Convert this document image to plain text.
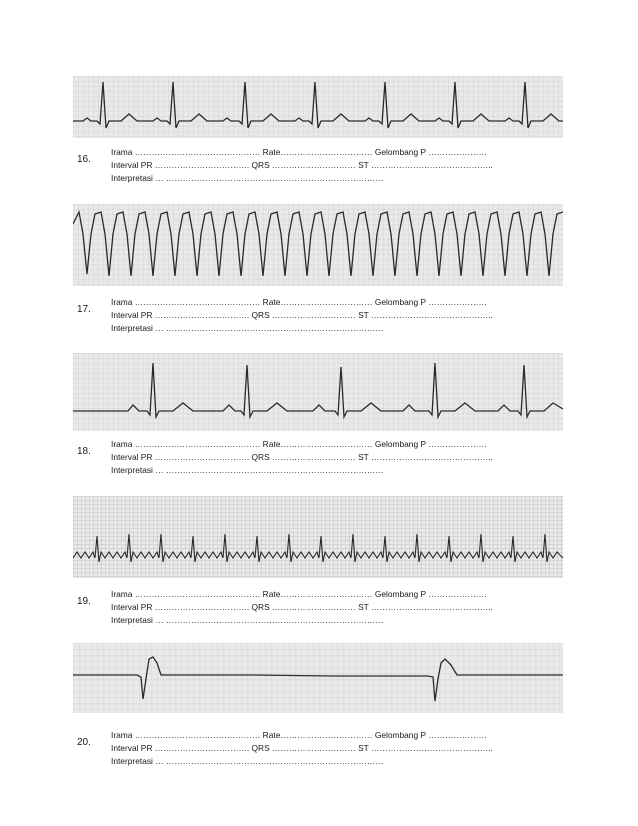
16.
Irama ……………………………………… Rate…………………………… Gelombang P …………………
Interval PR ……………………………. QRS ………………………… ST ……………………………………..
Interpretasi … ……………………………………………………………………
17.
Irama ……………………………………… Rate…………………………… Gelombang P …………………
Interval PR ……………………………. QRS ………………………… ST ……………………………………..
Interpretasi … ……………………………………………………………………
18.
Irama ……………………………………… Rate…………………………… Gelombang P …………………
Interval PR ……………………………. QRS ………………………… ST ……………………………………..
Interpretasi … ……………………………………………………………………
19.
Irama ……………………………………… Rate…………………………… Gelombang P …………………
Interval PR ……………………………. QRS ………………………… ST ……………………………………..
Interpretasi … ……………………………………………………………………
20.
Irama ……………………………………… Rate…………………………… Gelombang P …………………
Interval PR ……………………………. QRS ………………………… ST ……………………………………..
Interpretasi … ……………………………………………………………………
